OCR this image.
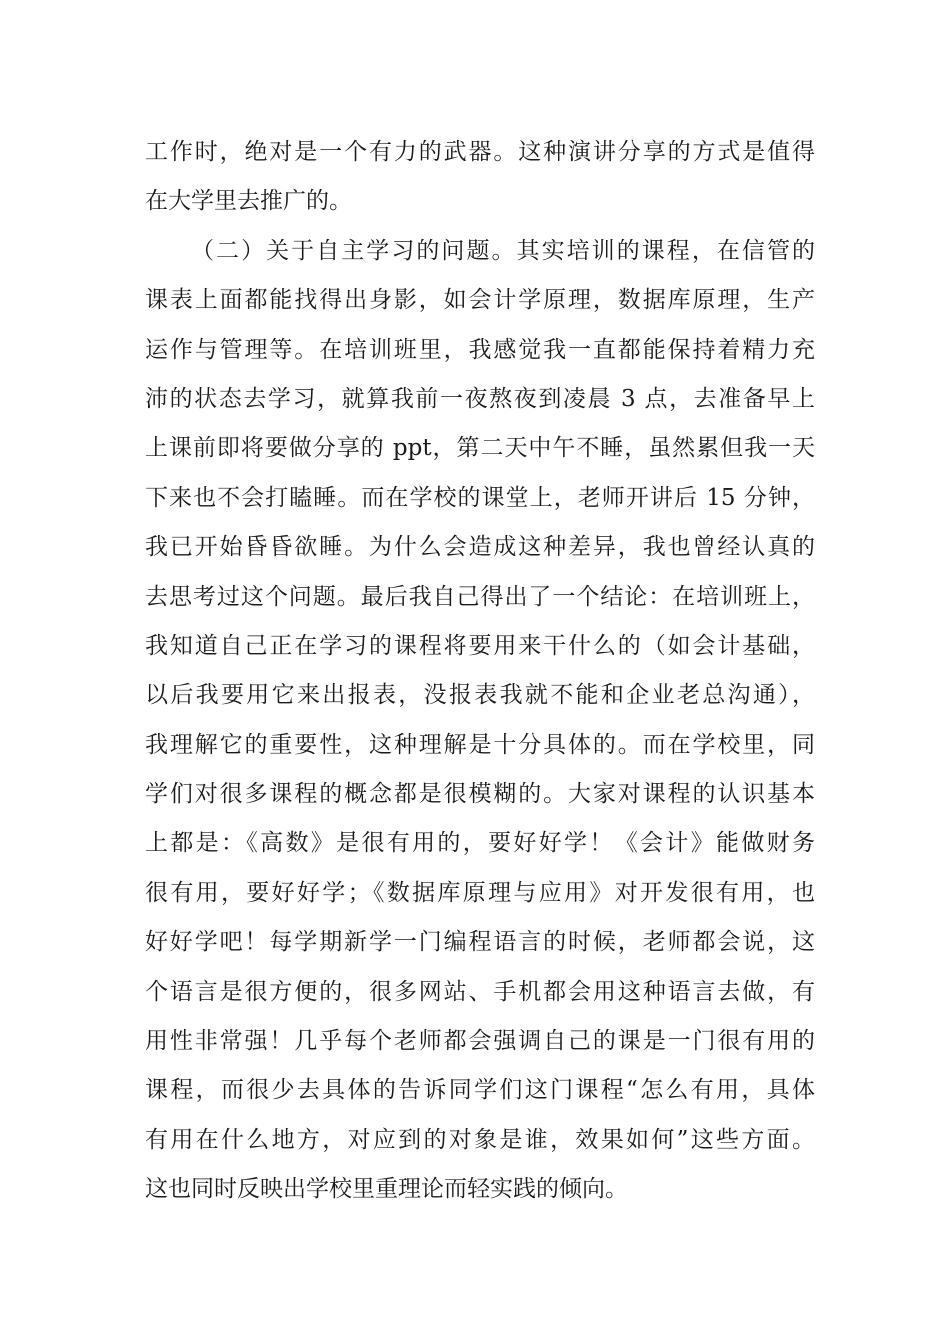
工作时，绝对是一个有力的武器。这种演讲分享的方式是值得
在大学里去推广的。
（二）关于自主学习的问题。其实培训的课程，在信管的
课表上面都能找得出身影，如会计学原理，数据库原理，生产
运作与管理等。在培训班里，我感觉我一直都能保持着精力充
沛的状态去学习，就算我前一夜熬夜到凌晨 3 点，去准备早上
上课前即将要做分享的 ppt，第二天中午不睡，虽然累但我一天
下来也不会打瞌睡。而在学校的课堂上，老师开讲后 15 分钟，
我已开始昏昏欲睡。为什么会造成这种差异，我也曾经认真的
去思考过这个问题。最后我自己得出了一个结论：在培训班上，
我知道自己正在学习的课程将要用来干什么的（如会计基础，
以后我要用它来出报表，没报表我就不能和企业老总沟通），
我理解它的重要性，这种理解是十分具体的。而在学校里，同
学们对很多课程的概念都是很模糊的。大家对课程的认识基本
上都是：《高数》是很有用的，要好好学！《会计》能做财务
很有用，要好好学；《数据库原理与应用》对开发很有用，也
好好学吧！每学期新学一门编程语言的时候，老师都会说，这
个语言是很方便的，很多网站、手机都会用这种语言去做，有
用性非常强！几乎每个老师都会强调自己的课是一门很有用的
课程，而很少去具体的告诉同学们这门课程“怎么有用，具体
有用在什么地方，对应到的对象是谁，效果如何”这些方面。
这也同时反映出学校里重理论而轻实践的倾向。
